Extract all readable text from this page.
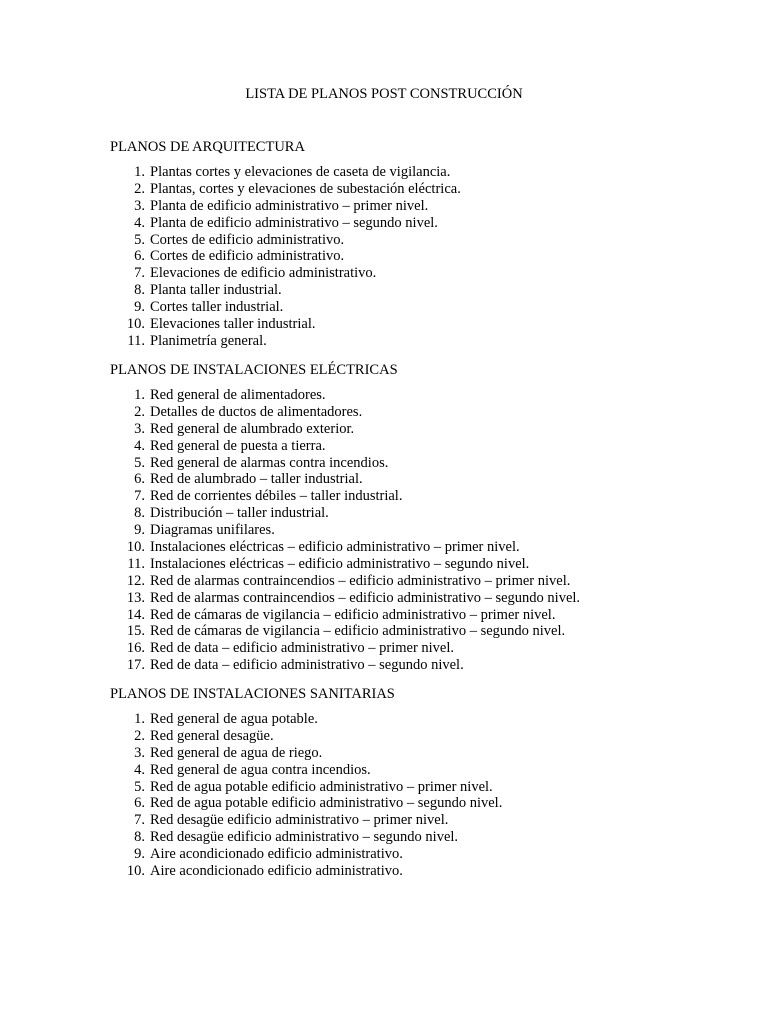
LISTA DE PLANOS POST CONSTRUCCIÓN
PLANOS DE ARQUITECTURA
1. Plantas cortes y elevaciones de caseta de vigilancia.
2. Plantas, cortes y elevaciones de subestación eléctrica.
3. Planta de edificio administrativo – primer nivel.
4. Planta de edificio administrativo – segundo nivel.
5. Cortes de edificio administrativo.
6. Cortes de edificio administrativo.
7. Elevaciones de edificio administrativo.
8. Planta taller industrial.
9. Cortes taller industrial.
10. Elevaciones taller industrial.
11. Planimetría general.
PLANOS DE INSTALACIONES ELÉCTRICAS
1. Red general de alimentadores.
2. Detalles de ductos de alimentadores.
3. Red general de alumbrado exterior.
4. Red general de puesta a tierra.
5. Red general de alarmas contra incendios.
6. Red de alumbrado – taller industrial.
7. Red de corrientes débiles – taller industrial.
8. Distribución – taller industrial.
9. Diagramas unifilares.
10. Instalaciones eléctricas – edificio administrativo – primer nivel.
11. Instalaciones eléctricas – edificio administrativo – segundo nivel.
12. Red de alarmas contraincendios – edificio administrativo – primer nivel.
13. Red de alarmas contraincendios – edificio administrativo – segundo nivel.
14. Red de cámaras de vigilancia – edificio administrativo – primer nivel.
15. Red de cámaras de vigilancia – edificio administrativo – segundo nivel.
16. Red de data – edificio administrativo – primer nivel.
17. Red de data – edificio administrativo – segundo nivel.
PLANOS DE INSTALACIONES SANITARIAS
1. Red general de agua potable.
2. Red general desagüe.
3. Red general de agua de riego.
4. Red general de agua contra incendios.
5. Red de agua potable edificio administrativo – primer nivel.
6. Red de agua potable edificio administrativo – segundo nivel.
7. Red desagüe edificio administrativo – primer nivel.
8. Red desagüe edificio administrativo – segundo nivel.
9. Aire acondicionado edificio administrativo.
10. Aire acondicionado edificio administrativo.
